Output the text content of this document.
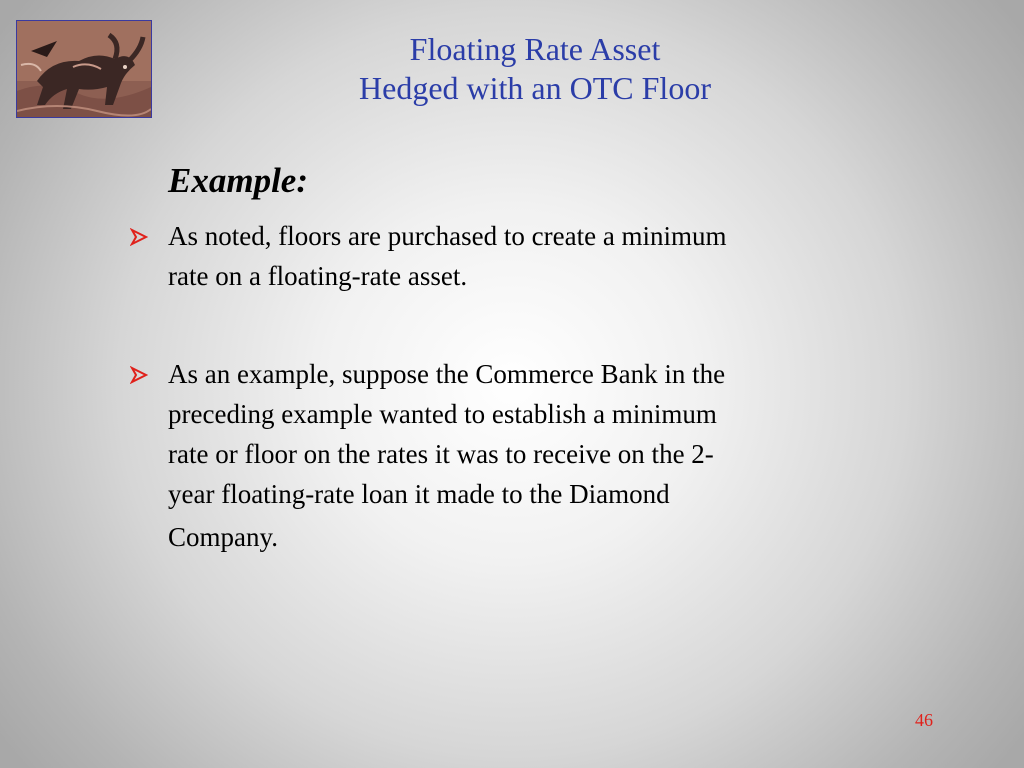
Floating Rate Asset
Hedged with an OTC Floor
Example:
As noted, floors are purchased to create a minimum
rate on a floating-rate asset.
As an example, suppose the Commerce Bank in the
preceding example wanted to establish a minimum
rate or floor on the rates it was to receive on the 2-
year floating-rate loan it made to the Diamond
Company.
46
